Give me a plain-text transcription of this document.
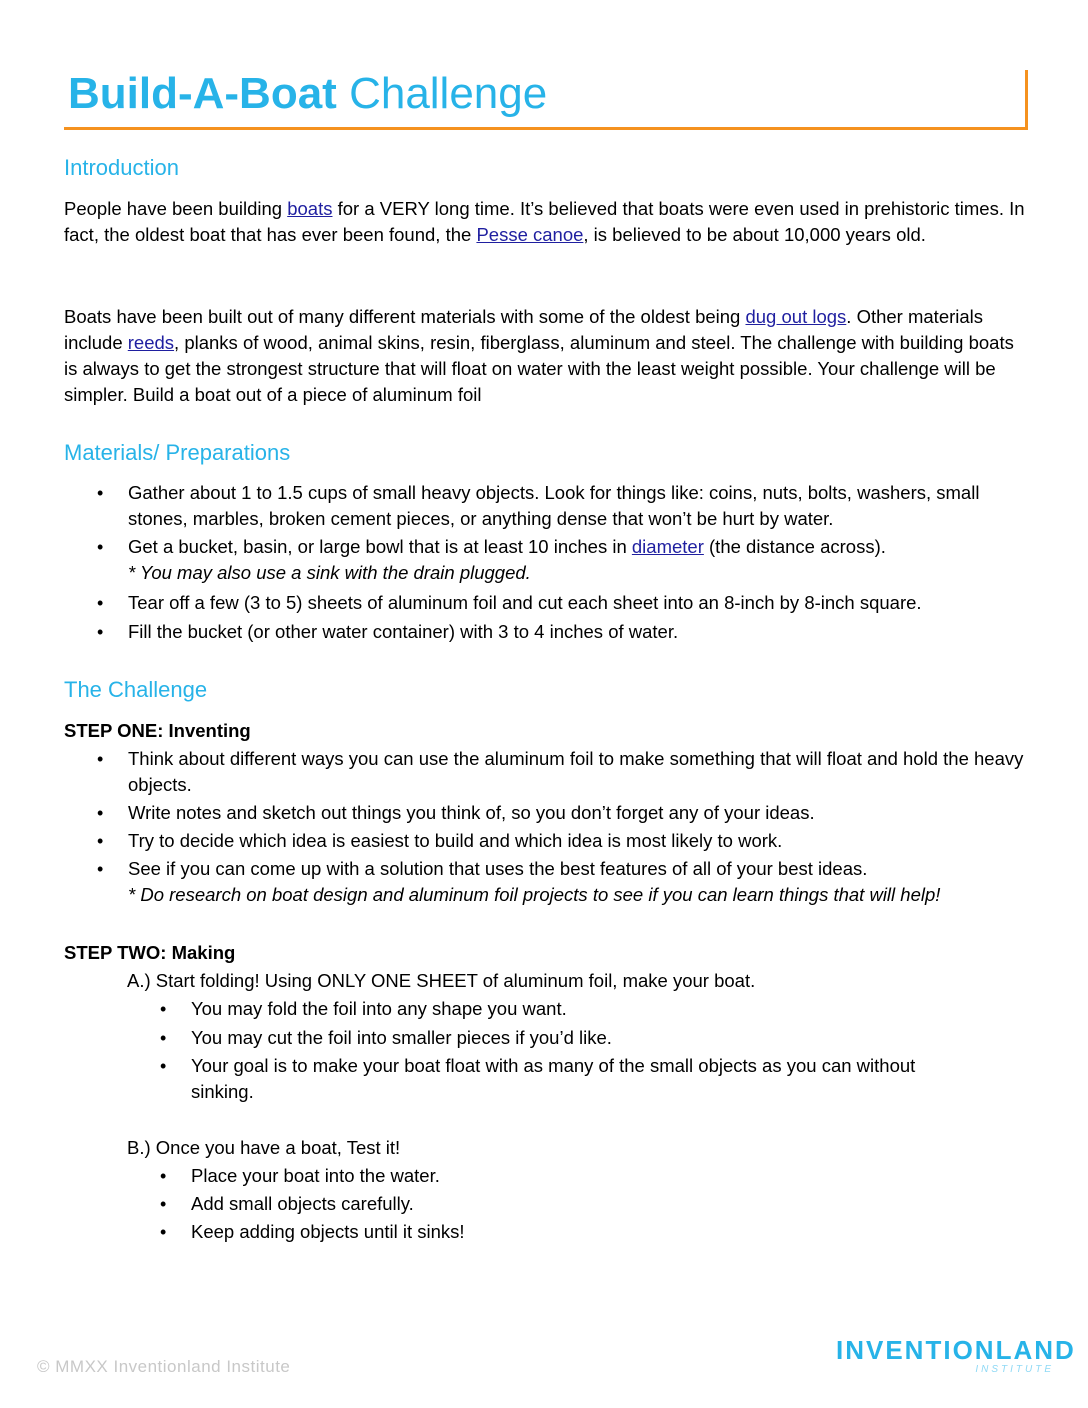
Build-A-Boat Challenge
Introduction
People have been building boats for a VERY long time. It’s believed that boats were even used in prehistoric times. In fact, the oldest boat that has ever been found, the Pesse canoe, is believed to be about 10,000 years old.
Boats have been built out of many different materials with some of the oldest being dug out logs. Other materials include reeds, planks of wood, animal skins, resin, fiberglass, aluminum and steel. The challenge with building boats is always to get the strongest structure that will float on water with the least weight possible. Your challenge will be simpler. Build a boat out of a piece of aluminum foil
Materials/ Preparations
• Gather about 1 to 1.5 cups of small heavy objects. Look for things like: coins, nuts, bolts, washers, small stones, marbles, broken cement pieces, or anything dense that won’t be hurt by water.
• Get a bucket, basin, or large bowl that is at least 10 inches in diameter (the distance across).
* You may also use a sink with the drain plugged.
• Tear off a few (3 to 5) sheets of aluminum foil and cut each sheet into an 8-inch by 8-inch square.
• Fill the bucket (or other water container) with 3 to 4 inches of water.
The Challenge
STEP ONE: Inventing
• Think about different ways you can use the aluminum foil to make something that will float and hold the heavy objects.
• Write notes and sketch out things you think of, so you don’t forget any of your ideas.
• Try to decide which idea is easiest to build and which idea is most likely to work.
• See if you can come up with a solution that uses the best features of all of your best ideas.
* Do research on boat design and aluminum foil projects to see if you can learn things that will help!
STEP TWO: Making
A.) Start folding! Using ONLY ONE SHEET of aluminum foil, make your boat.
• You may fold the foil into any shape you want.
• You may cut the foil into smaller pieces if you’d like.
• Your goal is to make your boat float with as many of the small objects as you can without sinking.
B.) Once you have a boat, Test it!
• Place your boat into the water.
• Add small objects carefully.
• Keep adding objects until it sinks!
© MMXX Inventionland Institute
INVENTIONLAND
INSTITUTE
